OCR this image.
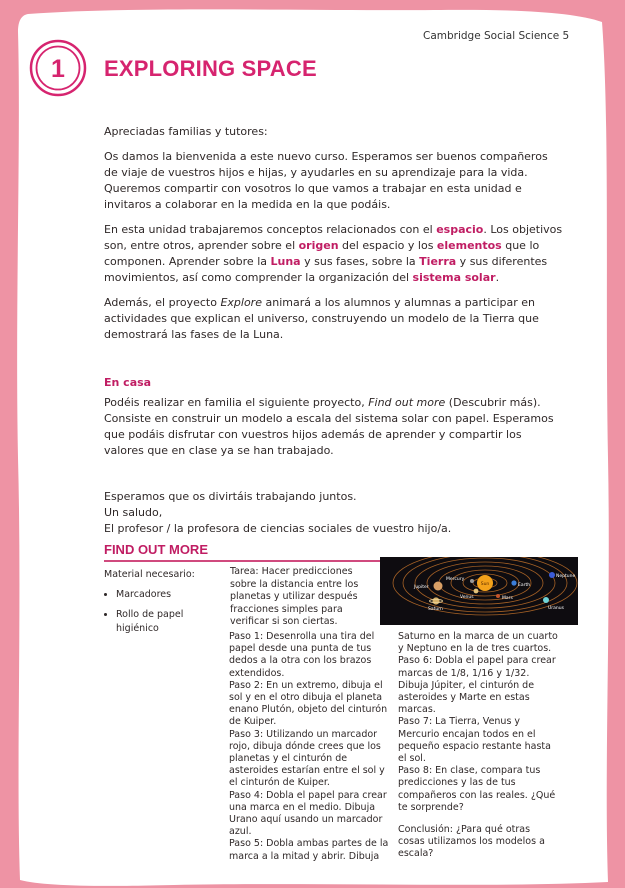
Cambridge Social Science 5
1 EXPLORING SPACE

Apreciadas familias y tutores:

Os damos la bienvenida a este nuevo curso. Esperamos ser buenos compañeros de viaje de vuestros hijos e hijas, y ayudarles en su aprendizaje para la vida. Queremos compartir con vosotros lo que vamos a trabajar en esta unidad e invitaros a colaborar en la medida en la que podáis.

En esta unidad trabajaremos conceptos relacionados con el espacio. Los objetivos son, entre otros, aprender sobre el origen del espacio y los elementos que lo componen. Aprender sobre la Luna y sus fases, sobre la Tierra y sus diferentes movimientos, así como comprender la organización del sistema solar.

Además, el proyecto Explore animará a los alumnos y alumnas a participar en actividades que explican el universo, construyendo un modelo de la Tierra que demostrará las fases de la Luna.

En casa

Podéis realizar en familia el siguiente proyecto, Find out more (Descubrir más). Consiste en construir un modelo a escala del sistema solar con papel. Esperamos que podáis disfrutar con vuestros hijos además de aprender y compartir los valores que en clase ya se han trabajado.

Esperamos que os divirtáis trabajando juntos.
Un saludo,
El profesor / la profesora de ciencias sociales de vuestro hijo/a.

FIND OUT MORE
Material necesario:
• Marcadores
• Rollo de papel higiénico
Tarea: Hacer predicciones sobre la distancia entre los planetas y utilizar después fracciones simples para verificar si son ciertas.
Sun
Mercury
Venus
Earth
Mars
Jupiter
Saturn	Uranus
Neptune

Paso 1: Desenrolla una tira del papel desde una punta de tus dedos a la otra con los brazos extendidos.

Paso 2: En un extremo, dibuja el sol y en el otro dibuja el planeta enano Plutón, objeto del cinturón de Kuiper.

Paso 3: Utilizando un marcador rojo, dibuja dónde crees que los planetas y el cinturón de asteroides estarían entre el sol y el cinturón de Kuiper.

Paso 4: Dobla el papel para crear una marca en el medio. Dibuja Urano aquí usando un marcador azul.

Paso 5: Dobla ambas partes de la marca a la mitad y abrir. Dibuja

Saturno en la marca de un cuarto y Neptuno en la de tres cuartos.

Paso 6: Dobla el papel para crear marcas de 1/8, 1/16 y 1/32. Dibuja Júpiter, el cinturón de asteroides y Marte en estas marcas.

Paso 7: La Tierra, Venus y Mercurio encajan todos en el pequeño espacio restante hasta el sol.

Paso 8: En clase, compara tus predicciones y las de tus compañeros con las reales. ¿Qué te sorprende?

Conclusión: ¿Para qué otras cosas utilizamos los modelos a escala?
